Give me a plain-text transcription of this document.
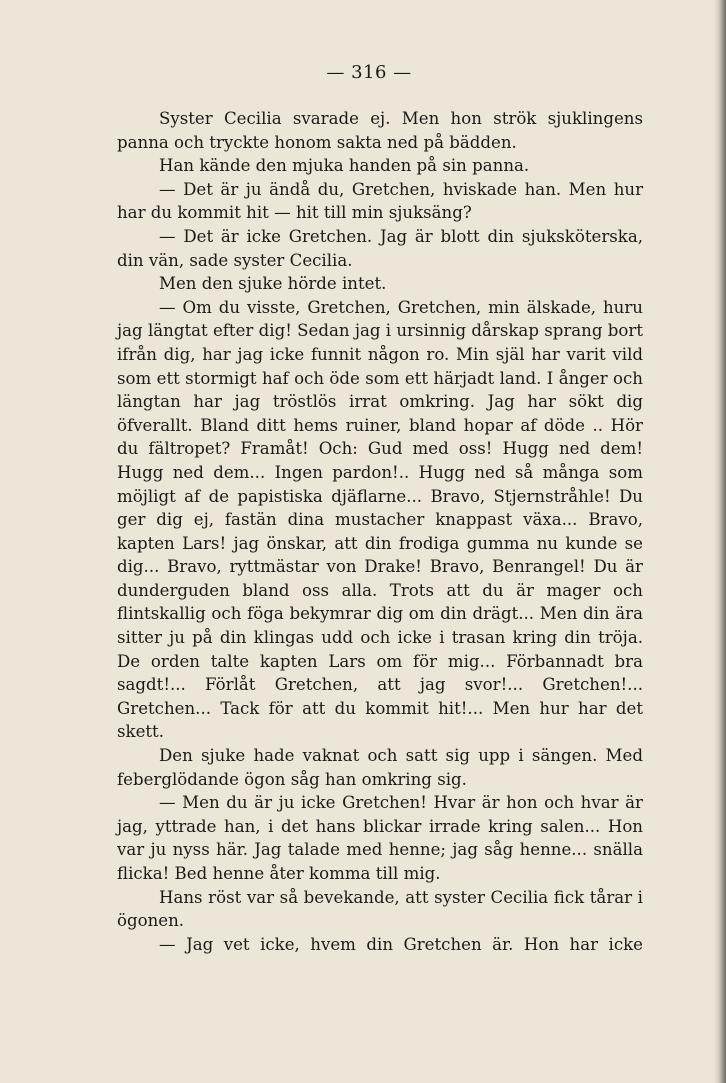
— 316 —

Syster Cecilia svarade ej. Men hon strök sjuklingens panna och tryckte honom sakta ned på bädden.

Han kände den mjuka handen på sin panna.

— Det är ju ändå du, Gretchen, hviskade han. Men hur har du kommit hit — hit till min sjuksäng?

— Det är icke Gretchen. Jag är blott din sjuksköterska, din vän, sade syster Cecilia.

Men den sjuke hörde intet.

— Om du visste, Gretchen, Gretchen, min älskade, huru jag längtat efter dig! Sedan jag i ursinnig dårskap sprang bort ifrån dig, har jag icke funnit någon ro. Min själ har varit vild som ett stormigt haf och öde som ett härjadt land. I ånger och längtan har jag tröstlös irrat omkring. Jag har sökt dig öfverallt. Bland ditt hems ruiner, bland hopar af döde .. Hör du fältropet? Framåt! Och: Gud med oss! Hugg ned dem! Hugg ned dem... Ingen pardon!.. Hugg ned så många som möjligt af de papistiska djäflarne... Bravo, Stjernstråhle! Du ger dig ej, fastän dina mustacher knappast växa... Bravo, kapten Lars! jag önskar, att din frodiga gumma nu kunde se dig... Bravo, ryttmästar von Drake! Bravo, Benrangel! Du är dunderguden bland oss alla. Trots att du är mager och flintskallig och föga bekymrar dig om din drägt... Men din ära sitter ju på din klingas udd och icke i trasan kring din tröja. De orden talte kapten Lars om för mig... Förbannadt bra sagdt!... Förlåt Gretchen, att jag svor!... Gretchen!... Gretchen... Tack för att du kommit hit!... Men hur har det skett.

Den sjuke hade vaknat och satt sig upp i sängen. Med feberglödande ögon såg han omkring sig.

— Men du är ju icke Gretchen! Hvar är hon och hvar är jag, yttrade han, i det hans blickar irrade kring salen... Hon var ju nyss här. Jag talade med henne; jag såg henne... snälla flicka! Bed henne åter komma till mig.

Hans röst var så bevekande, att syster Cecilia fick tårar i ögonen.

— Jag vet icke, hvem din Gretchen är. Hon har icke
